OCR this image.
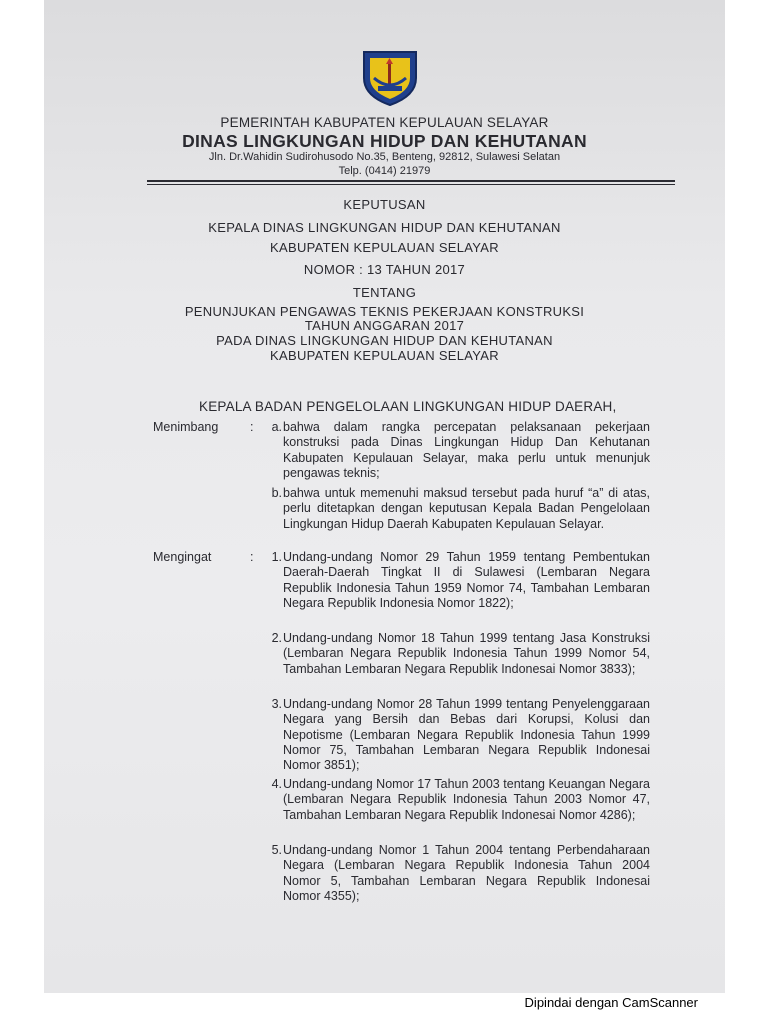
PEMERINTAH KABUPATEN KEPULAUAN SELAYAR
DINAS LINGKUNGAN HIDUP DAN KEHUTANAN
Jln. Dr.Wahidin Sudirohusodo No.35, Benteng, 92812, Sulawesi Selatan
Telp. (0414) 21979
KEPUTUSAN
KEPALA DINAS LINGKUNGAN HIDUP DAN KEHUTANAN
KABUPATEN KEPULAUAN SELAYAR
NOMOR : 13 TAHUN 2017
TENTANG
PENUNJUKAN PENGAWAS TEKNIS PEKERJAAN KONSTRUKSI
TAHUN ANGGARAN 2017
PADA DINAS LINGKUNGAN HIDUP DAN KEHUTANAN
KABUPATEN KEPULAUAN SELAYAR
KEPALA BADAN PENGELOLAAN LINGKUNGAN HIDUP DAERAH,
Menimbang	:	a. bahwa dalam rangka percepatan pelaksanaan pekerjaan konstruksi pada Dinas Lingkungan Hidup Dan Kehutanan Kabupaten Kepulauan Selayar, maka perlu untuk menunjuk pengawas teknis;
b. bahwa untuk memenuhi maksud tersebut pada huruf “a” di atas, perlu ditetapkan dengan keputusan Kepala Badan Pengelolaan Lingkungan Hidup Daerah Kabupaten Kepulauan Selayar.
Mengingat	:	1. Undang-undang Nomor 29 Tahun 1959 tentang Pembentukan Daerah-Daerah Tingkat II di Sulawesi (Lembaran Negara Republik Indonesia Tahun 1959 Nomor 74, Tambahan Lembaran Negara Republik Indonesia Nomor 1822);
2. Undang-undang Nomor 18 Tahun 1999 tentang Jasa Konstruksi (Lembaran Negara Republik Indonesia Tahun 1999 Nomor 54, Tambahan Lembaran Negara Republik Indonesai Nomor 3833);
3. Undang-undang Nomor 28 Tahun 1999 tentang Penyelenggaraan Negara yang Bersih dan Bebas dari Korupsi, Kolusi dan Nepotisme (Lembaran Negara Republik Indonesia Tahun 1999 Nomor 75, Tambahan Lembaran Negara Republik Indonesai Nomor 3851);
4. Undang-undang Nomor 17 Tahun 2003 tentang Keuangan Negara (Lembaran Negara Republik Indonesia Tahun 2003 Nomor 47, Tambahan Lembaran Negara Republik Indonesai Nomor 4286);
5. Undang-undang Nomor 1 Tahun 2004 tentang Perbendaharaan Negara (Lembaran Negara Republik Indonesia Tahun 2004 Nomor 5, Tambahan Lembaran Negara Republik Indonesai Nomor 4355);
Dipindai dengan CamScanner
